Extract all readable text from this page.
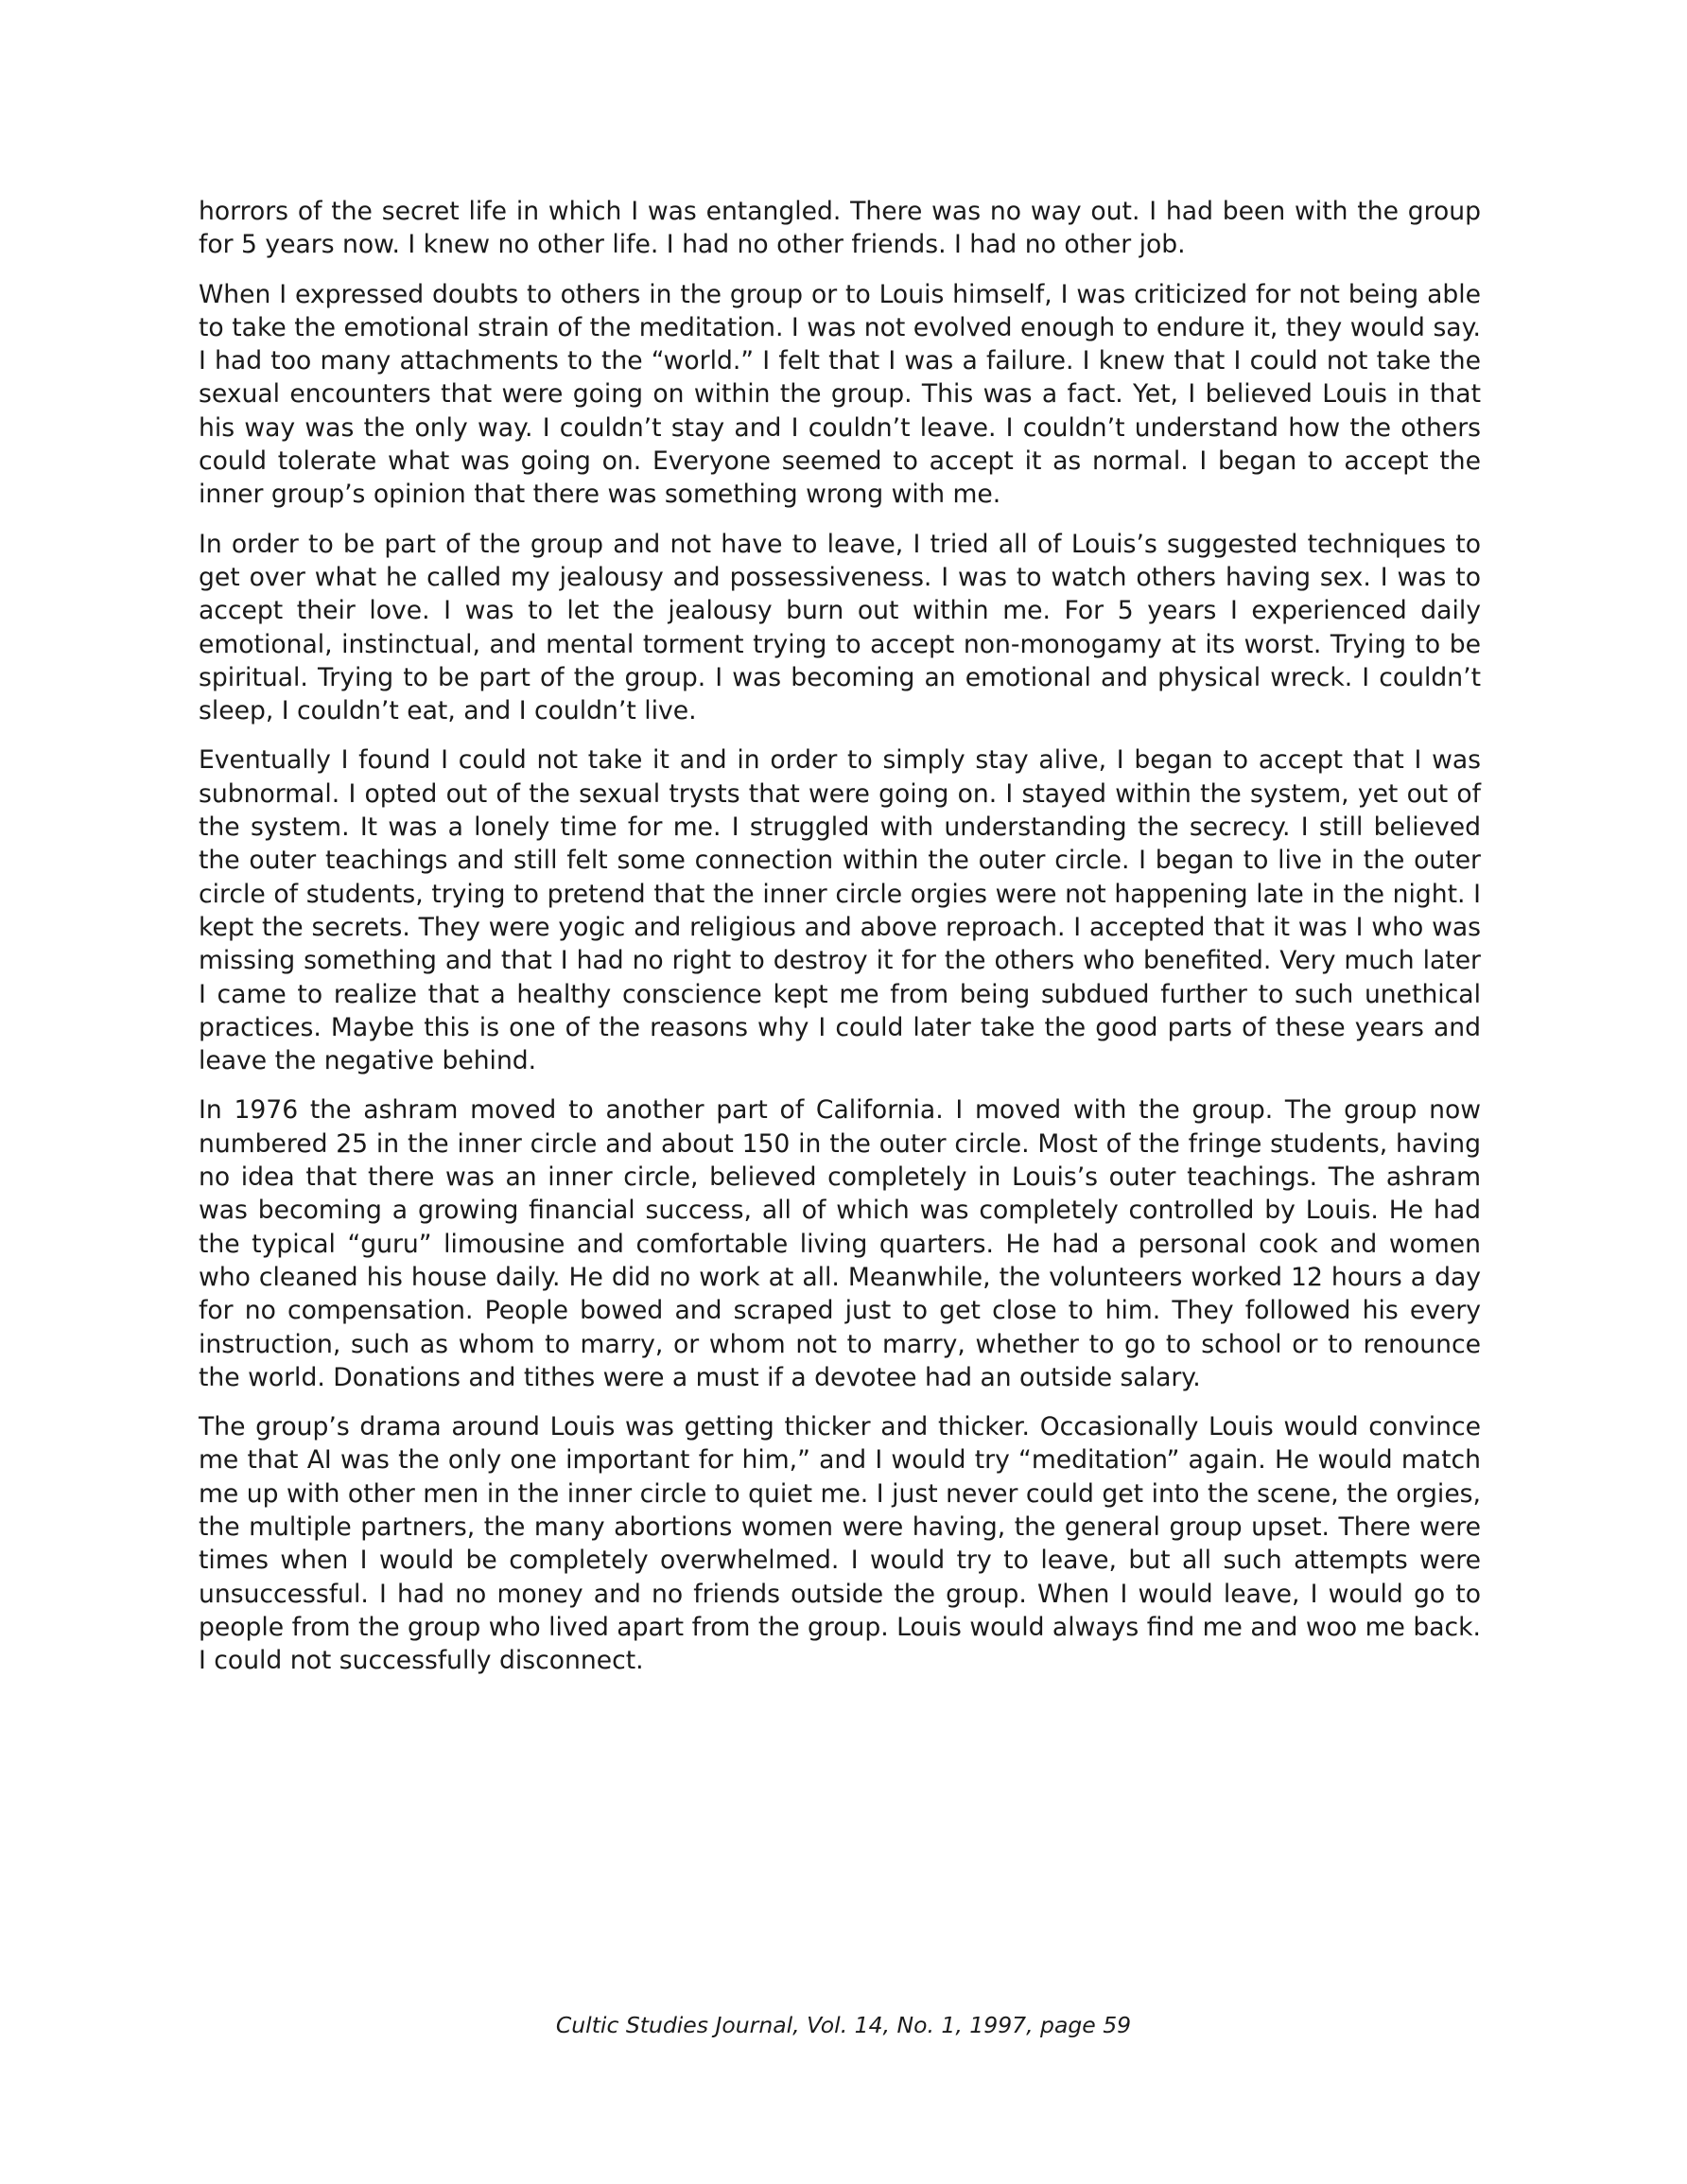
horrors of the secret life in which I was entangled. There was no way out. I had been with the group for 5 years now. I knew no other life. I had no other friends. I had no other job.

When I expressed doubts to others in the group or to Louis himself, I was criticized for not being able to take the emotional strain of the meditation. I was not evolved enough to endure it, they would say. I had too many attachments to the “world.” I felt that I was a failure. I knew that I could not take the sexual encounters that were going on within the group. This was a fact. Yet, I believed Louis in that his way was the only way. I couldn’t stay and I couldn’t leave. I couldn’t understand how the others could tolerate what was going on. Everyone seemed to accept it as normal. I began to accept the inner group’s opinion that there was something wrong with me.

In order to be part of the group and not have to leave, I tried all of Louis’s suggested techniques to get over what he called my jealousy and possessiveness. I was to watch others having sex. I was to accept their love. I was to let the jealousy burn out within me. For 5 years I experienced daily emotional, instinctual, and mental torment trying to accept non-monogamy at its worst. Trying to be spiritual. Trying to be part of the group. I was becoming an emotional and physical wreck. I couldn’t sleep, I couldn’t eat, and I couldn’t live.

Eventually I found I could not take it and in order to simply stay alive, I began to accept that I was subnormal. I opted out of the sexual trysts that were going on. I stayed within the system, yet out of the system. It was a lonely time for me. I struggled with understanding the secrecy. I still believed the outer teachings and still felt some connection within the outer circle. I began to live in the outer circle of students, trying to pretend that the inner circle orgies were not happening late in the night. I kept the secrets. They were yogic and religious and above reproach. I accepted that it was I who was missing something and that I had no right to destroy it for the others who benefited. Very much later I came to realize that a healthy conscience kept me from being subdued further to such unethical practices. Maybe this is one of the reasons why I could later take the good parts of these years and leave the negative behind.

In 1976 the ashram moved to another part of California. I moved with the group. The group now numbered 25 in the inner circle and about 150 in the outer circle. Most of the fringe students, having no idea that there was an inner circle, believed completely in Louis’s outer teachings. The ashram was becoming a growing financial success, all of which was completely controlled by Louis. He had the typical “guru” limousine and comfortable living quarters. He had a personal cook and women who cleaned his house daily. He did no work at all. Meanwhile, the volunteers worked 12 hours a day for no compensation. People bowed and scraped just to get close to him. They followed his every instruction, such as whom to marry, or whom not to marry, whether to go to school or to renounce the world. Donations and tithes were a must if a devotee had an outside salary.

The group’s drama around Louis was getting thicker and thicker. Occasionally Louis would convince me that AI was the only one important for him,” and I would try “meditation” again. He would match me up with other men in the inner circle to quiet me. I just never could get into the scene, the orgies, the multiple partners, the many abortions women were having, the general group upset. There were times when I would be completely overwhelmed. I would try to leave, but all such attempts were unsuccessful. I had no money and no friends outside the group. When I would leave, I would go to people from the group who lived apart from the group. Louis would always find me and woo me back. I could not successfully disconnect.

Cultic Studies Journal, Vol. 14, No. 1, 1997, page 59
